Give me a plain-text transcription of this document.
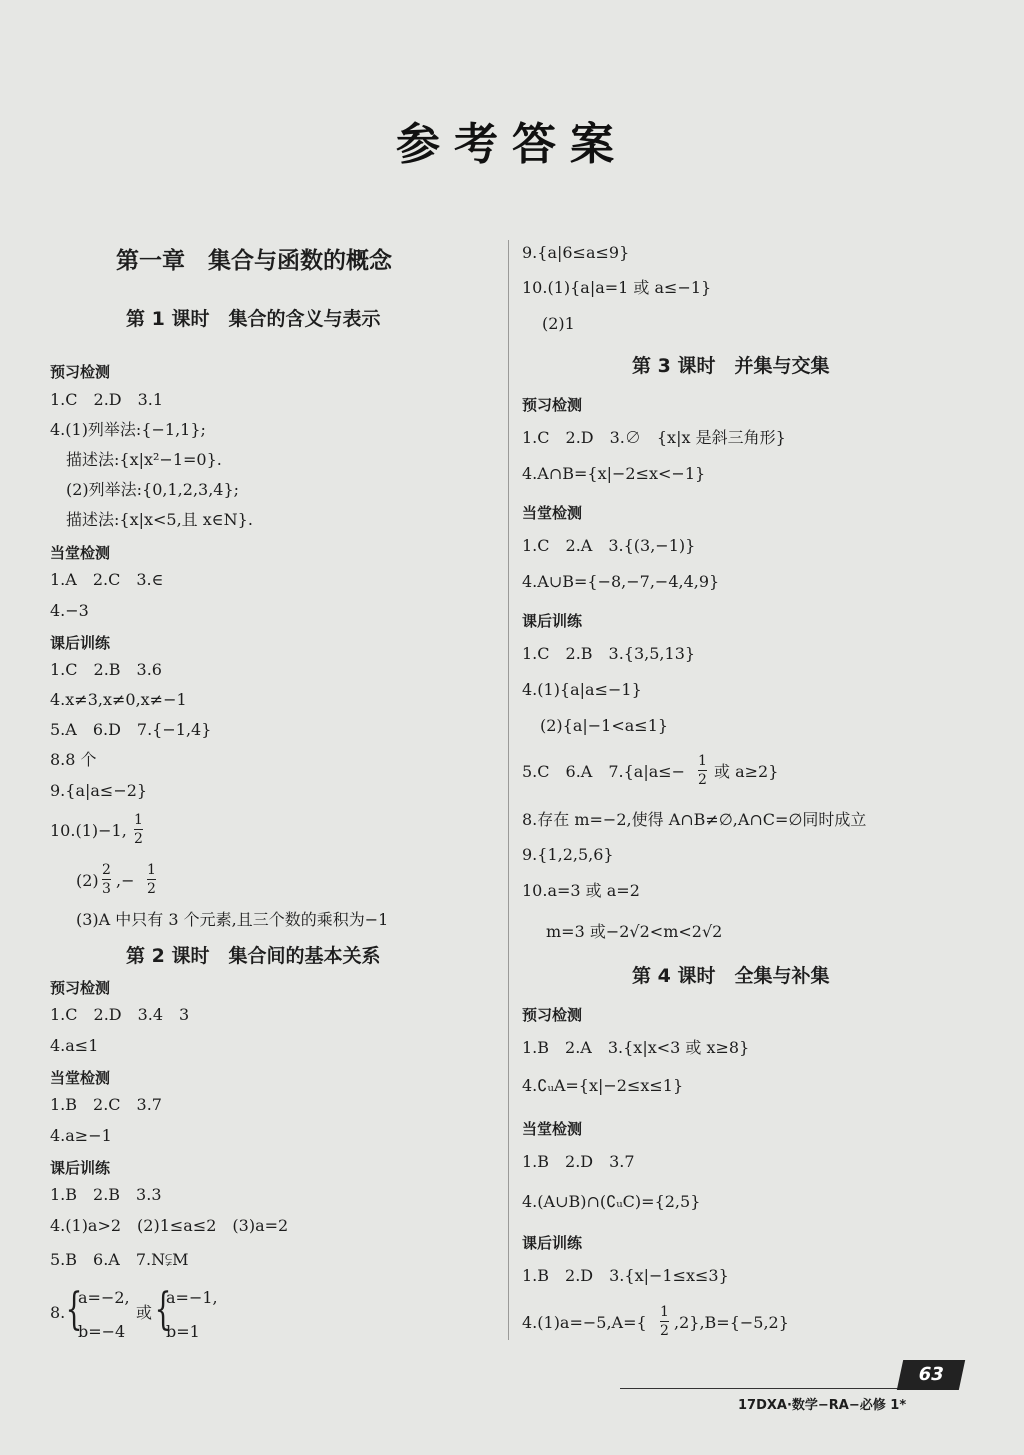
参考答案
第一章　集合与函数的概念
第 1 课时　集合的含义与表示
预习检测
1.C　2.D　3.1
4.(1)列举法:{−1,1};
描述法:{x|x²−1=0}.
(2)列举法:{0,1,2,3,4};
描述法:{x|x<5,且 x∈N}.
当堂检测
1.A　2.C　3.∈
4.−3
课后训练
1.C　2.B　3.6
4.x≠3,x≠0,x≠−1
5.A　6.D　7.{−1,4}
8.8 个
9.{a|a≤−2}
10.(1)−1,
1
2
(2)
2
3 ,−
1
2
(3)A 中只有 3 个元素,且三个数的乘积为−1
第 2 课时　集合间的基本关系
预习检测
1.C　2.D　3.4　3
4.a≤1
当堂检测
1.B　2.C　3.7
4.a≥−1
课后训练
1.B　2.B　3.3
4.(1)a>2　(2)1≤a≤2　(3)a=2
5.B　6.A　7.N⫋M
8. {
a=−2,
b=−4
或 {
a=−1,
b=1
9.{a|6≤a≤9}
10.(1){a|a=1 或 a≤−1}
(2)1
第 3 课时　并集与交集
预习检测
1.C　2.D　3.∅　{x|x 是斜三角形}
4.A∩B={x|−2≤x<−1}
当堂检测
1.C　2.A　3.{(3,−1)}
4.A∪B={−8,−7,−4,4,9}
课后训练
1.C　2.B　3.{3,5,13}
4.(1){a|a≤−1}
(2){a|−1<a≤1}
5.C　6.A　7.{a|a≤−
1
2 或 a≥2}
8.存在 m=−2,使得 A∩B≠∅,A∩C=∅同时成立
9.{1,2,5,6}
10.a=3 或 a=2
m=3 或−2√2<m<2√2
第 4 课时　全集与补集
预习检测
1.B　2.A　3.{x|x<3 或 x≥8}
4.∁ᵤA={x|−2≤x≤1}
当堂检测
1.B　2.D　3.7
4.(A∪B)∩(∁ᵤC)={2,5}
课后训练
1.B　2.D　3.{x|−1≤x≤3}
4.(1)a=−5,A={
1
2 ,2},B={−5,2}
63
17DXA·数学−RA−必修 1*
